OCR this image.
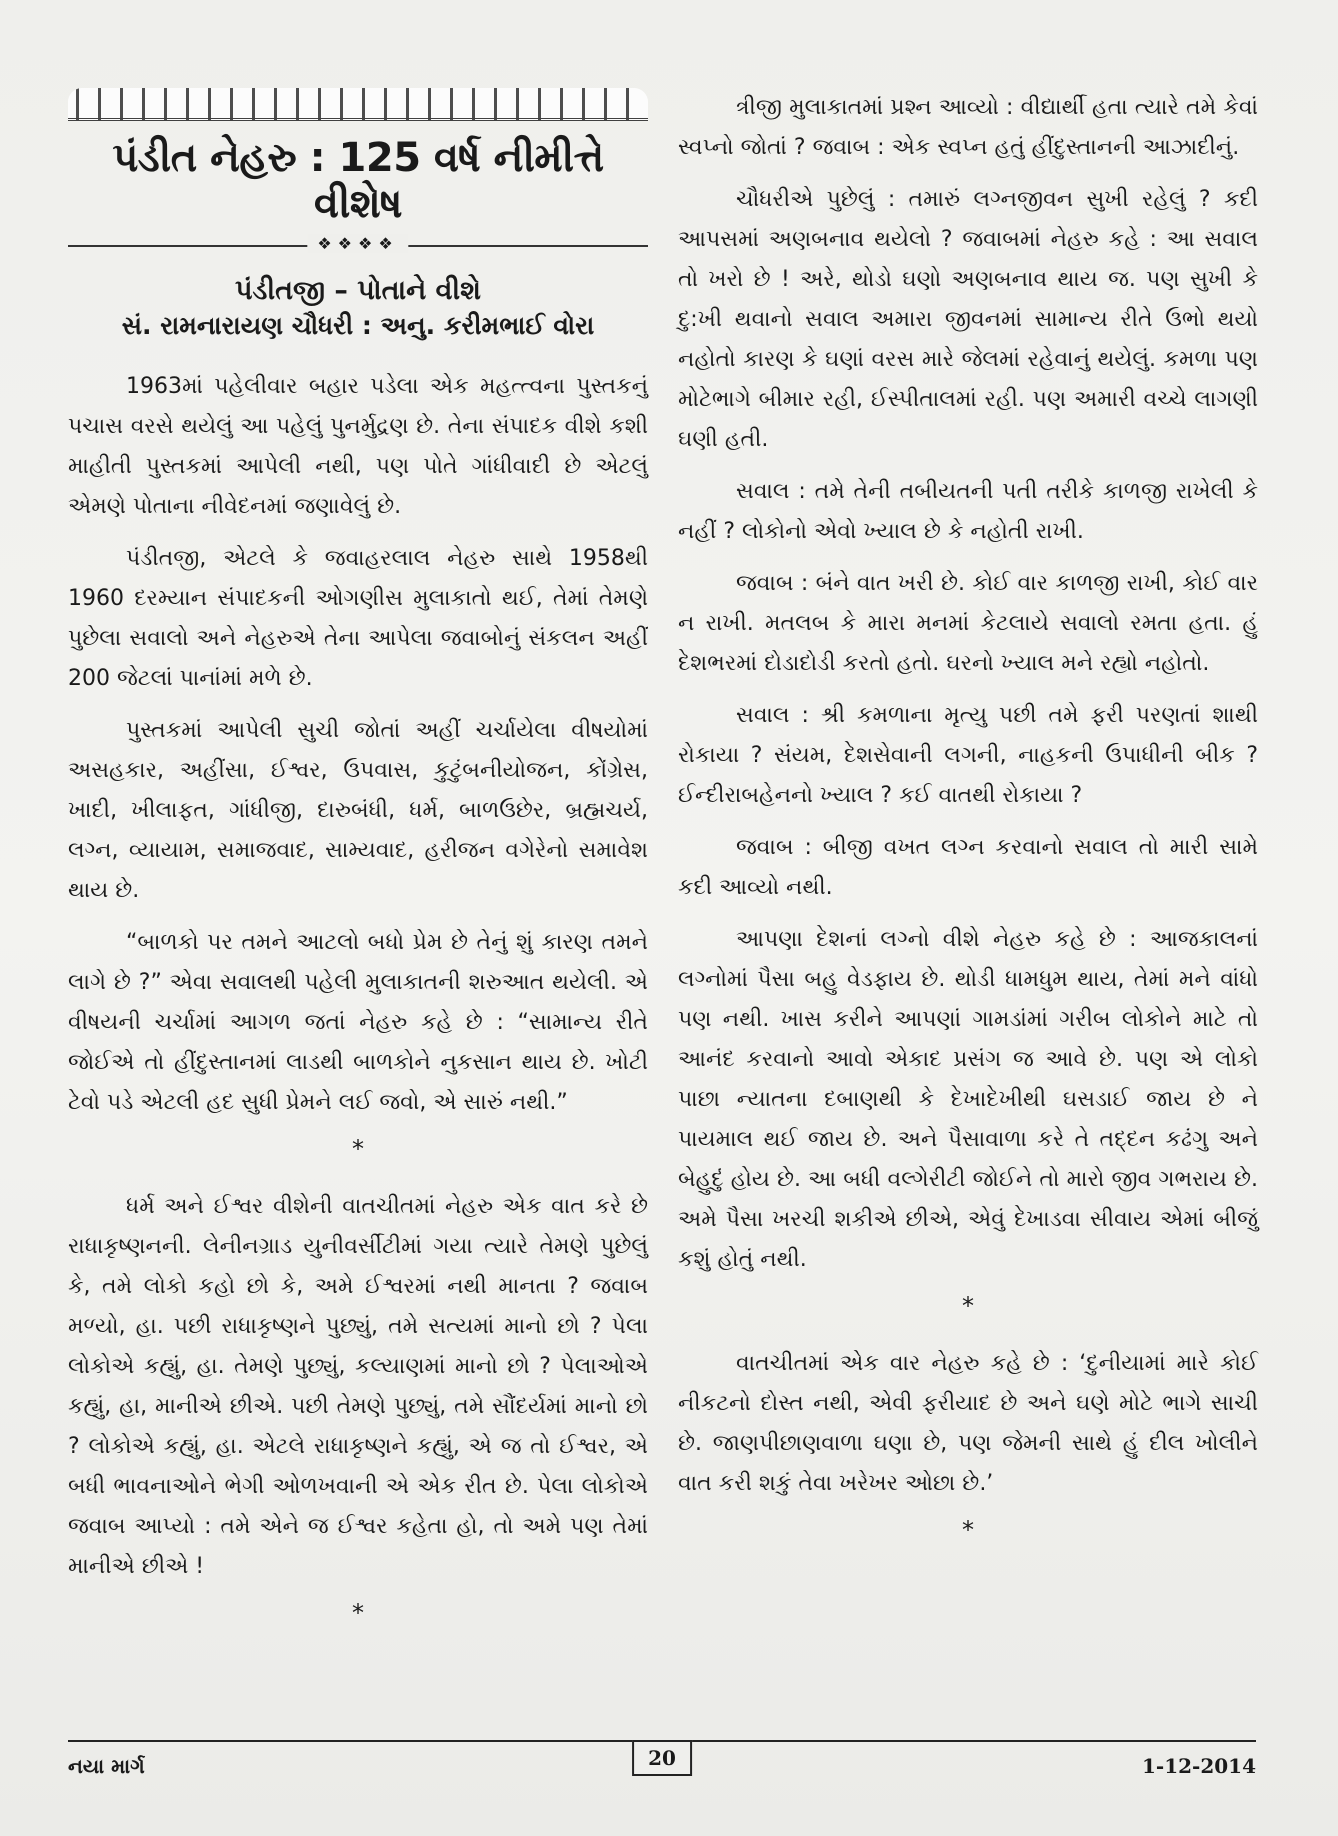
પંડીત નેહરુ : 125 વર્ષ નીમીત્તે વીશેષ
❖❖❖❖
પંડીતજી – પોતાને વીશે
સં. રામનારાયણ ચૌધરી : અનુ. કરીમભાઈ વોરા

1963માં પહેલીવાર બહાર પડેલા એક મહત્ત્વના પુસ્તકનું પચાસ વરસે થયેલું આ પહેલું પુનર્મુદ્રણ છે. તેના સંપાદક વીશે કશી માહીતી પુસ્તકમાં આપેલી નથી, પણ પોતે ગાંધીવાદી છે એટલું એમણે પોતાના નીવેદનમાં જણાવેલું છે.

પંડીતજી, એટલે કે જવાહરલાલ નેહરુ સાથે 1958થી 1960 દરમ્યાન સંપાદકની ઓગણીસ મુલાકાતો થઈ, તેમાં તેમણે પુછેલા સવાલો અને નેહરુએ તેના આપેલા જવાબોનું સંકલન અહીં 200 જેટલાં પાનાંમાં મળે છે.

પુસ્તકમાં આપેલી સુચી જોતાં અહીં ચર્ચાયેલા વીષયોમાં અસહકાર, અહીંસા, ઈશ્વર, ઉપવાસ, કુટુંબનીયોજન, કોંગ્રેસ, ખાદી, ખીલાફત, ગાંધીજી, દારુબંધી, ધર્મ, બાળઉછેર, બ્રહ્મચર્ય, લગ્ન, વ્યાયામ, સમાજવાદ, સામ્યવાદ, હરીજન વગેરેનો સમાવેશ થાય છે.

“બાળકો પર તમને આટલો બધો પ્રેમ છે તેનું શું કારણ તમને લાગે છે ?” એવા સવાલથી પહેલી મુલાકાતની શરુઆત થયેલી. એ વીષયની ચર્ચામાં આગળ જતાં નેહરુ કહે છે : “સામાન્ય રીતે જોઈએ તો હીંદુસ્તાનમાં લાડથી બાળકોને નુકસાન થાય છે. ખોટી ટેવો પડે એટલી હદ સુધી પ્રેમને લઈ જવો, એ સારું નથી.”

*

ધર્મ અને ઈશ્વર વીશેની વાતચીતમાં નેહરુ એક વાત કરે છે રાધાકૃષ્ણનની. લેનીનગ્રાડ યુનીવર્સીટીમાં ગયા ત્યારે તેમણે પુછેલું કે, તમે લોકો કહો છો કે, અમે ઈશ્વરમાં નથી માનતા ? જવાબ મળ્યો, હા. પછી રાધાકૃષ્ણને પુછ્યું, તમે સત્યમાં માનો છો ? પેલા લોકોએ કહ્યું, હા. તેમણે પુછ્યું, કલ્યાણમાં માનો છો ? પેલાઓએ કહ્યું, હા, માનીએ છીએ. પછી તેમણે પુછ્યું, તમે સૌંદર્યમાં માનો છો ? લોકોએ કહ્યું, હા. એટલે રાધાકૃષ્ણને કહ્યું, એ જ તો ઈશ્વર, એ બધી ભાવનાઓને ભેગી ઓળખવાની એ એક રીત છે. પેલા લોકોએ જવાબ આપ્યો : તમે એને જ ઈશ્વર કહેતા હો, તો અમે પણ તેમાં માનીએ છીએ !

*

ત્રીજી મુલાકાતમાં પ્રશ્ન આવ્યો : વીદ્યાર્થી હતા ત્યારે તમે કેવાં સ્વપ્નો જોતાં ? જવાબ : એક સ્વપ્ન હતું હીંદુસ્તાનની આઝાદીનું.

ચૌધરીએ પુછેલું : તમારું લગ્નજીવન સુખી રહેલું ? કદી આપસમાં અણબનાવ થયેલો ? જવાબમાં નેહરુ કહે : આ સવાલ તો ખરો છે ! અરે, થોડો ઘણો અણબનાવ થાય જ. પણ સુખી કે દુ:ખી થવાનો સવાલ અમારા જીવનમાં સામાન્ય રીતે ઉભો થયો નહોતો કારણ કે ઘણાં વરસ મારે જેલમાં રહેવાનું થયેલું. કમળા પણ મોટેભાગે બીમાર રહી, ઈસ્પીતાલમાં રહી. પણ અમારી વચ્ચે લાગણી ઘણી હતી.

સવાલ : તમે તેની તબીયતની પતી તરીકે કાળજી રાખેલી કે નહીં ? લોકોનો એવો ખ્યાલ છે કે નહોતી રાખી.

જવાબ : બંને વાત ખરી છે. કોઈ વાર કાળજી રાખી, કોઈ વાર ન રાખી. મતલબ કે મારા મનમાં કેટલાયે સવાલો રમતા હતા. હું દેશભરમાં દોડાદોડી કરતો હતો. ઘરનો ખ્યાલ મને રહ્યો નહોતો.

સવાલ : શ્રી કમળાના મૃત્યુ પછી તમે ફરી પરણતાં શાથી રોકાયા ? સંયમ, દેશસેવાની લગની, નાહકની ઉપાધીની બીક ? ઈન્દીરાબહેનનો ખ્યાલ ? કઈ વાતથી રોકાયા ?

જવાબ : બીજી વખત લગ્ન કરવાનો સવાલ તો મારી સામે કદી આવ્યો નથી.

આપણા દેશનાં લગ્નો વીશે નેહરુ કહે છે : આજકાલનાં લગ્નોમાં પૈસા બહુ વેડફાય છે. થોડી ધામધુમ થાય, તેમાં મને વાંધો પણ નથી. ખાસ કરીને આપણાં ગામડાંમાં ગરીબ લોકોને માટે તો આનંદ કરવાનો આવો એકાદ પ્રસંગ જ આવે છે. પણ એ લોકો પાછા ન્યાતના દબાણથી કે દેખાદેખીથી ઘસડાઈ જાય છે ને પાયમાલ થઈ જાય છે. અને પૈસાવાળા કરે તે તદ્દન કઢંગુ અને બેહુદું હોય છે. આ બધી વલ્ગેરીટી જોઈને તો મારો જીવ ગભરાય છે. અમે પૈસા ખરચી શકીએ છીએ, એવું દેખાડવા સીવાય એમાં બીજું કશું હોતું નથી.

*

વાતચીતમાં એક વાર નેહરુ કહે છે : ‘દુનીયામાં મારે કોઈ નીકટનો દોસ્ત નથી, એવી ફરીયાદ છે અને ઘણે મોટે ભાગે સાચી છે. જાણપીછાણવાળા ઘણા છે, પણ જેમની સાથે હું દીલ ખોલીને વાત કરી શકું તેવા ખરેખર ઓછા છે.’

*
નયા માર્ગ	20	1-12-2014
